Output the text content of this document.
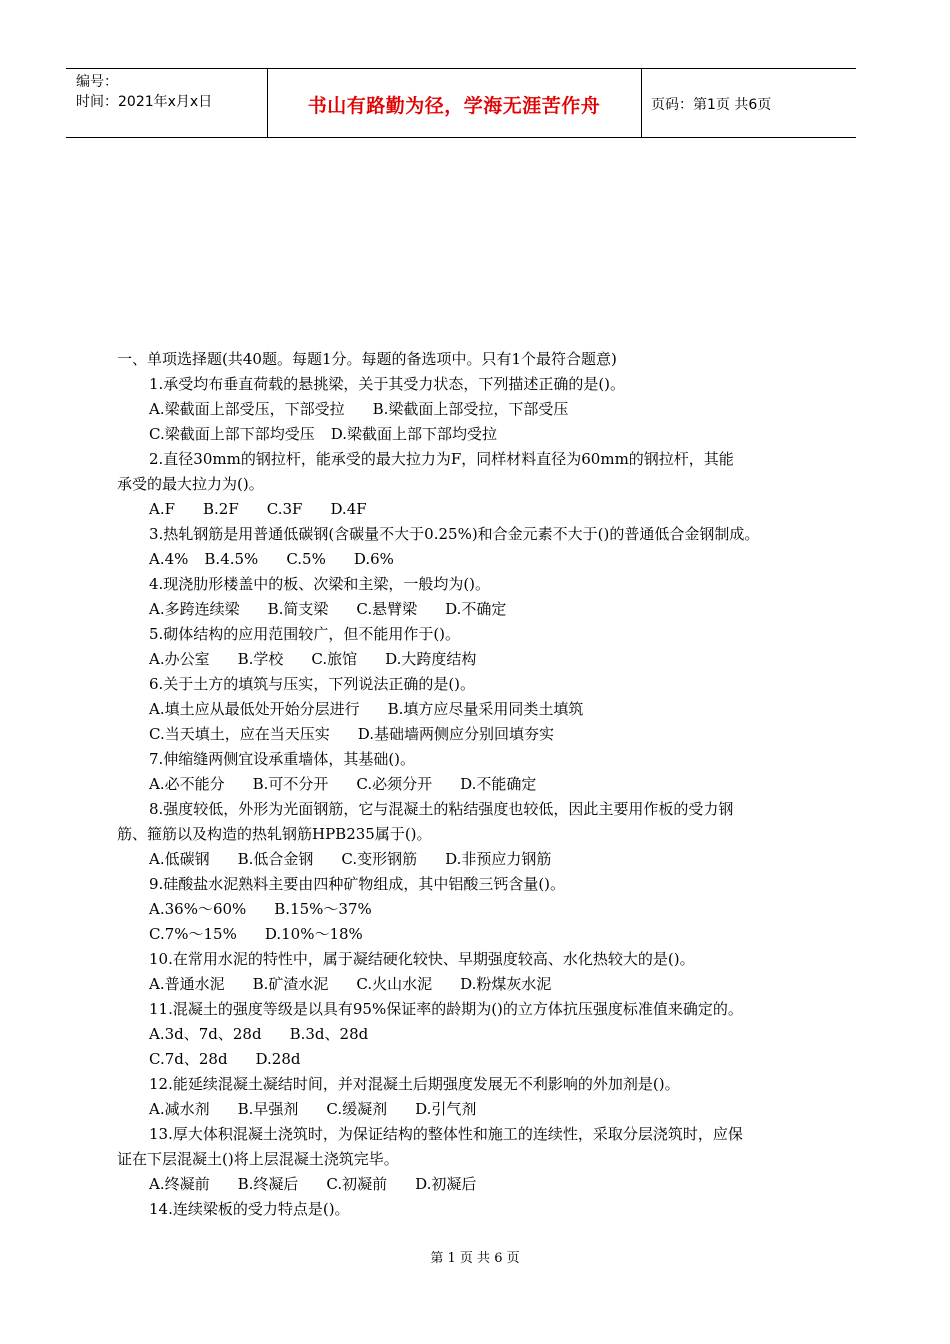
编号：
时间：2021年x月x日	书山有路勤为径，学海无涯苦作舟	页码：第1页 共6页
一、单项选择题(共40题。每题1分。每题的备选项中。只有1个最符合题意)
1.承受均布垂直荷载的悬挑梁，关于其受力状态，下列描述正确的是()。
A.梁截面上部受压，下部受拉 B.梁截面上部受拉，下部受压
C.梁截面上部下部均受压 D.梁截面上部下部均受拉
2.直径30mm的钢拉杆，能承受的最大拉力为F，同样材料直径为60mm的钢拉杆，其能
承受的最大拉力为()。
A.F B.2F C.3F D.4F
3.热轧钢筋是用普通低碳钢(含碳量不大于0.25%)和合金元素不大于()的普通低合金钢制成。
A.4% B.4.5% C.5% D.6%
4.现浇肋形楼盖中的板、次梁和主梁，一般均为()。
A.多跨连续梁 B.简支梁 C.悬臂梁 D.不确定
5.砌体结构的应用范围较广，但不能用作于()。
A.办公室 B.学校 C.旅馆 D.大跨度结构
6.关于土方的填筑与压实，下列说法正确的是()。
A.填土应从最低处开始分层进行 B.填方应尽量采用同类土填筑
C.当天填土，应在当天压实 D.基础墙两侧应分别回填夯实
7.伸缩缝两侧宜设承重墙体，其基础()。
A.必不能分 B.可不分开 C.必须分开 D.不能确定
8.强度较低，外形为光面钢筋，它与混凝土的粘结强度也较低，因此主要用作板的受力钢
筋、箍筋以及构造的热轧钢筋HPB235属于()。
A.低碳钢 B.低合金钢 C.变形钢筋 D.非预应力钢筋
9.硅酸盐水泥熟料主要由四种矿物组成，其中铝酸三钙含量()。
A.36%～60% B.15%～37%
C.7%～15% D.10%～18%
10.在常用水泥的特性中，属于凝结硬化较快、早期强度较高、水化热较大的是()。
A.普通水泥 B.矿渣水泥 C.火山水泥 D.粉煤灰水泥
11.混凝土的强度等级是以具有95%保证率的龄期为()的立方体抗压强度标准值来确定的。
A.3d、7d、28d B.3d、28d
C.7d、28d D.28d
12.能延续混凝土凝结时间，并对混凝土后期强度发展无不利影响的外加剂是()。
A.减水剂 B.早强剂 C.缓凝剂 D.引气剂
13.厚大体积混凝土浇筑时，为保证结构的整体性和施工的连续性，采取分层浇筑时，应保
证在下层混凝土()将上层混凝土浇筑完毕。
A.终凝前 B.终凝后 C.初凝前 D.初凝后
14.连续梁板的受力特点是()。
第 1 页 共 6 页
